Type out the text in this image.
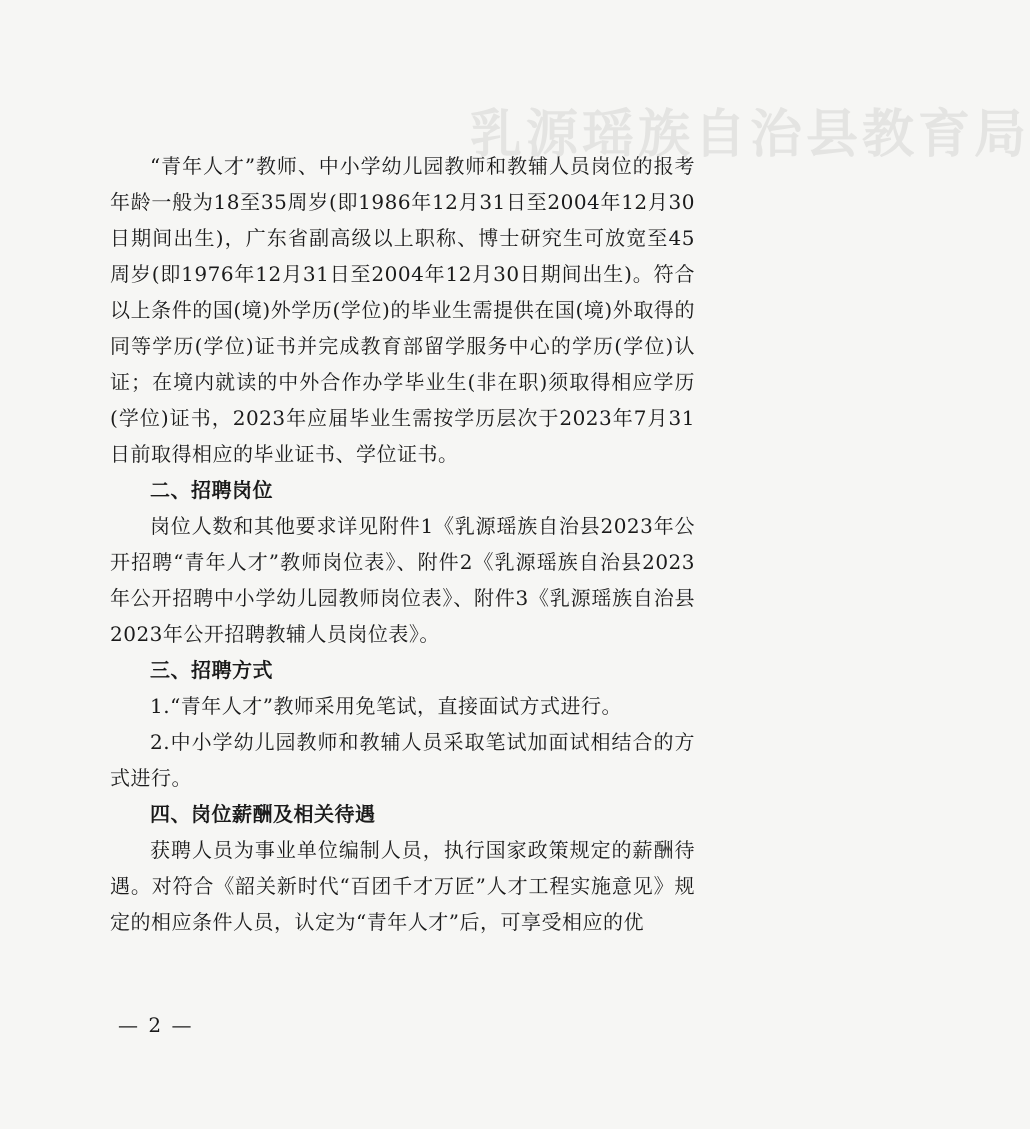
乳源瑶族自治县教育局

“青年人才”教师、中小学幼儿园教师和教辅人员岗位的报考年龄一般为18至35周岁(即1986年12月31日至2004年12月30日期间出生)，广东省副高级以上职称、博士研究生可放宽至45周岁(即1976年12月31日至2004年12月30日期间出生)。符合以上条件的国(境)外学历(学位)的毕业生需提供在国(境)外取得的同等学历(学位)证书并完成教育部留学服务中心的学历(学位)认证；在境内就读的中外合作办学毕业生(非在职)须取得相应学历(学位)证书，2023年应届毕业生需按学历层次于2023年7月31日前取得相应的毕业证书、学位证书。

二、招聘岗位

岗位人数和其他要求详见附件1《乳源瑶族自治县2023年公开招聘“青年人才”教师岗位表》、附件2《乳源瑶族自治县2023年公开招聘中小学幼儿园教师岗位表》、附件3《乳源瑶族自治县2023年公开招聘教辅人员岗位表》。

三、招聘方式

1.“青年人才”教师采用免笔试，直接面试方式进行。

2.中小学幼儿园教师和教辅人员采取笔试加面试相结合的方式进行。

四、岗位薪酬及相关待遇

获聘人员为事业单位编制人员，执行国家政策规定的薪酬待遇。对符合《韶关新时代“百团千才万匠”人才工程实施意见》规定的相应条件人员，认定为“青年人才”后，可享受相应的优

— 2 —
